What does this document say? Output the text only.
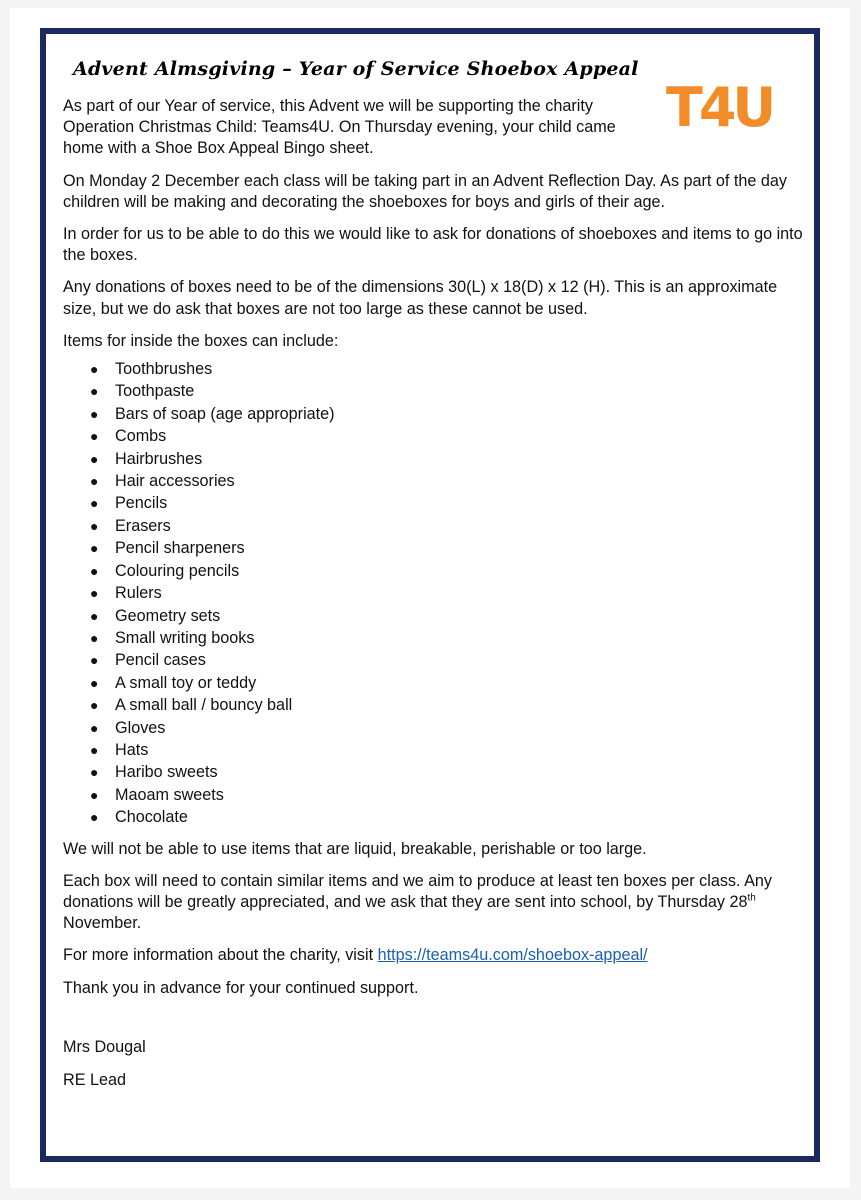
T4U
Advent Almsgiving – Year of Service Shoebox Appeal

As part of our Year of service, this Advent we will be supporting the charity Operation Christmas Child: Teams4U. On Thursday evening, your child came home with a Shoe Box Appeal Bingo sheet.

On Monday 2 December each class will be taking part in an Advent Reflection Day. As part of the day children will be making and decorating the shoeboxes for boys and girls of their age.

In order for us to be able to do this we would like to ask for donations of shoeboxes and items to go into the boxes.

Any donations of boxes need to be of the dimensions 30(L) x 18(D) x 12 (H). This is an approximate size, but we do ask that boxes are not too large as these cannot be used.

Items for inside the boxes can include:

● Toothbrushes
● Toothpaste
● Bars of soap (age appropriate)
● Combs
● Hairbrushes
● Hair accessories
● Pencils
● Erasers
● Pencil sharpeners
● Colouring pencils
● Rulers
● Geometry sets
● Small writing books
● Pencil cases
● A small toy or teddy
● A small ball / bouncy ball
● Gloves
● Hats
● Haribo sweets
● Maoam sweets
● Chocolate

We will not be able to use items that are liquid, breakable, perishable or too large.

Each box will need to contain similar items and we aim to produce at least ten boxes per class. Any donations will be greatly appreciated, and we ask that they are sent into school, by Thursday 28th November.

For more information about the charity, visit https://teams4u.com/shoebox-appeal/

Thank you in advance for your continued support.

Mrs Dougal

RE Lead
